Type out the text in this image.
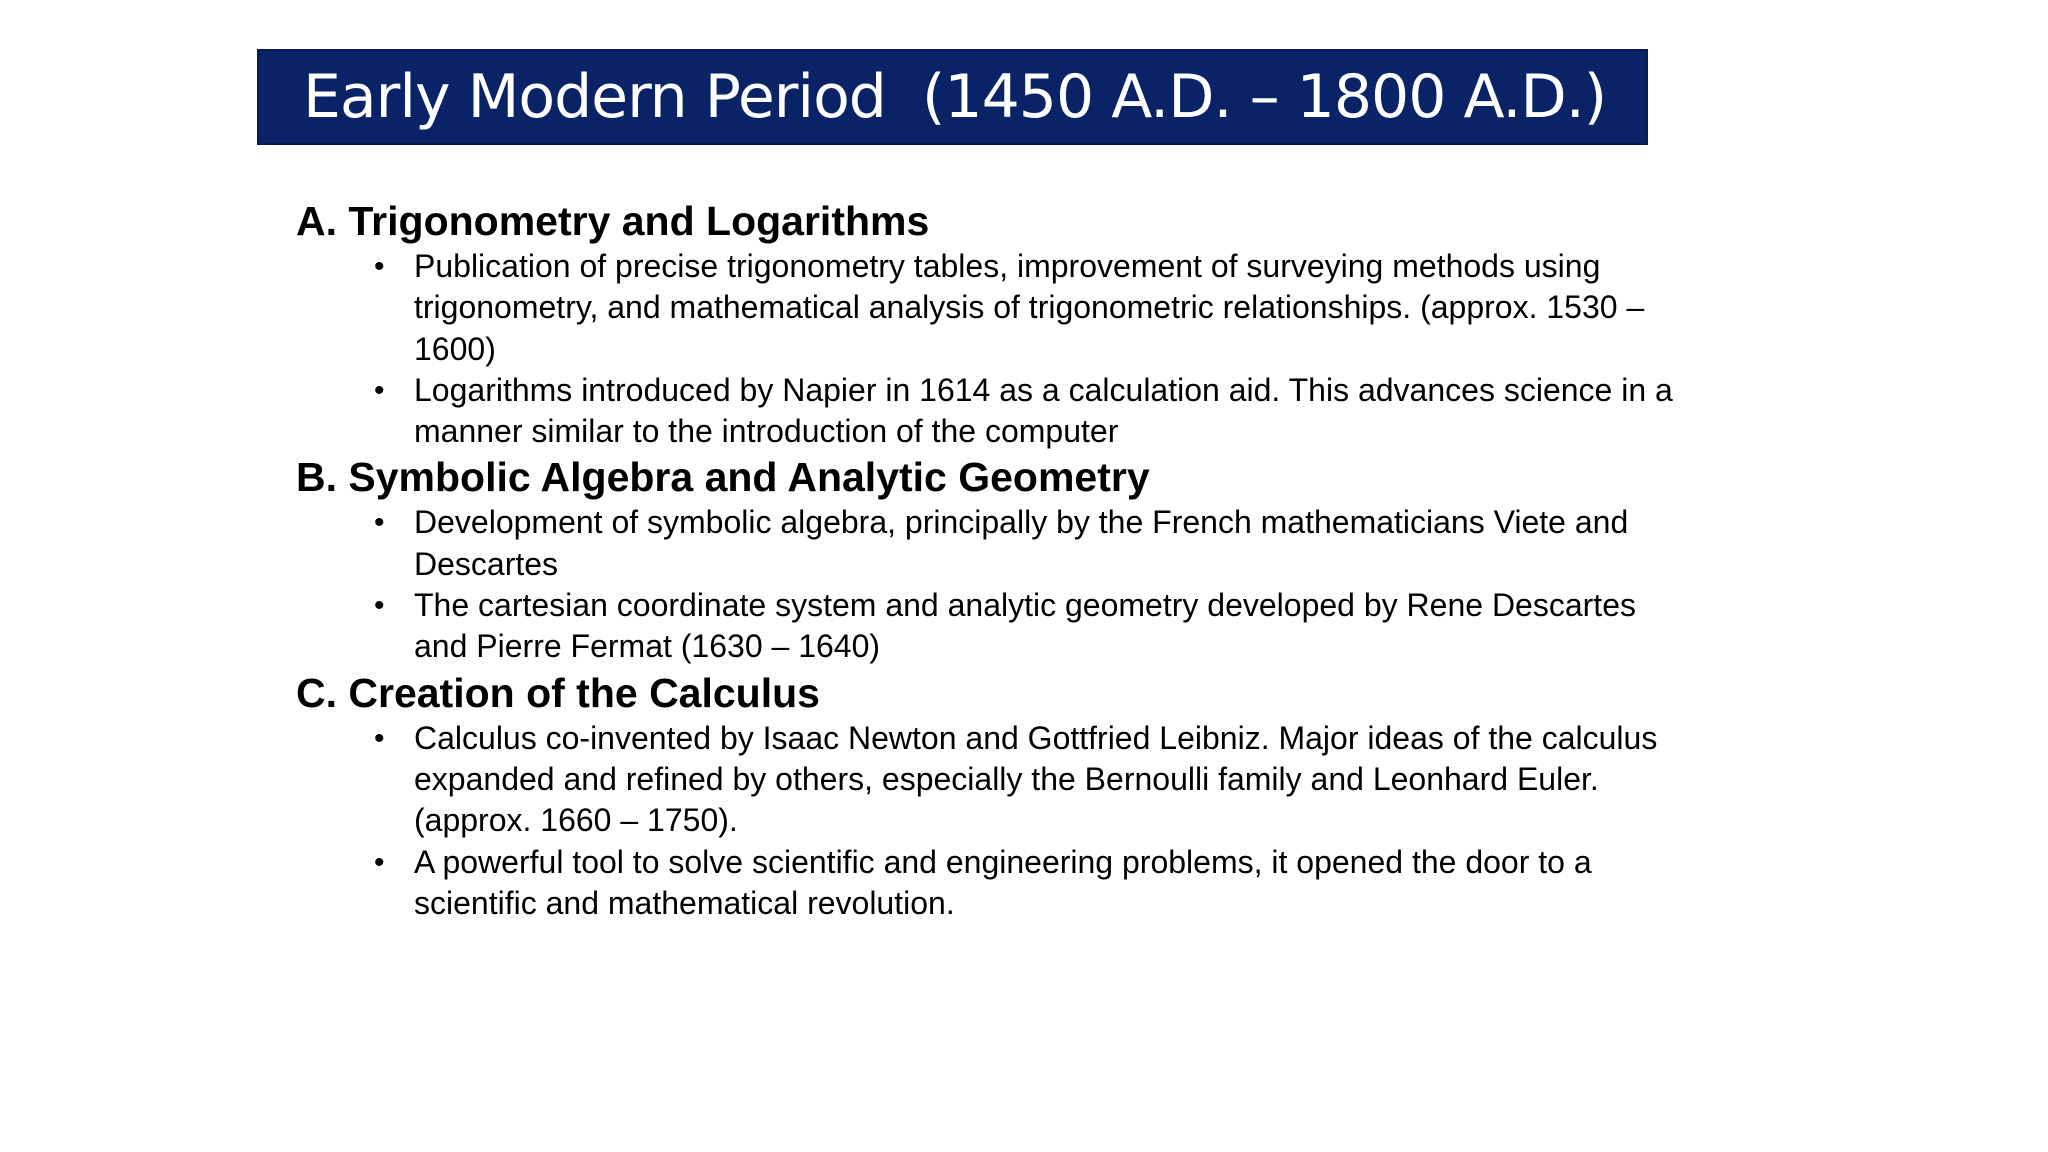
Early Modern Period  (1450 A.D. – 1800 A.D.)
A. Trigonometry and Logarithms
• Publication of precise trigonometry tables, improvement of surveying methods using trigonometry, and mathematical analysis of trigonometric relationships. (approx. 1530 – 1600)
• Logarithms introduced by Napier in 1614 as a calculation aid. This advances science in a manner similar to the introduction of the computer
B. Symbolic Algebra and Analytic Geometry
• Development of symbolic algebra, principally by the French mathematicians Viete and Descartes
• The cartesian coordinate system and analytic geometry developed by Rene Descartes and Pierre Fermat (1630 – 1640)
C. Creation of the Calculus
• Calculus co-invented by Isaac Newton and Gottfried Leibniz. Major ideas of the calculus expanded and refined by others, especially the Bernoulli family and Leonhard Euler. (approx. 1660 – 1750).
• A powerful tool to solve scientific and engineering problems, it opened the door to a scientific and mathematical revolution.
